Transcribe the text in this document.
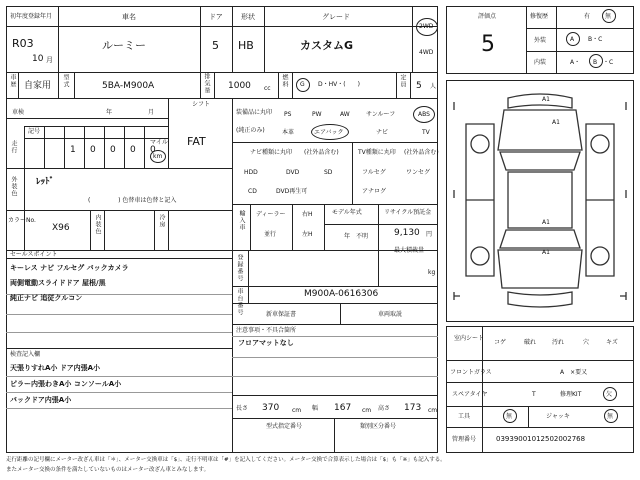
初年度登録年月
R03
10 月
車名
ルーミー
ドア
5
形状
HB
グレード
カスタムG
2WD
4WD
車歴 自家用 型式	5BA-M900A	排気量 1000 cc
燃料 G D・HV・(　　)	定員 5 人
車検	年	月
記号
走行	1 0 0 0 0
マイル
km
シフト
FAT
外装色 ﾚｯﾄﾞ
( 　　　　 ) 色替車は色替と記入
カラーNo.
X96	内装色	冷房
装備品に丸印
(純正のみ)
PS	PW	AW	サンルーフ	ABS
本革	エアバック	ナビ	TV
ナビ種類に丸印 (社外品含む)
HDD	DVD	SD
CD	DVD再生可
TV種類に丸印 (社外品含む)
フルセグ	ワンセグ
アナログ
輸入車 ディーラー
並行
右H
左H
モデル年式
年　不明
リサイクル預託金
9,130 円
最大積載量
kg
セールスポイント
キーレス ナビ フルセグ バックカメラ
両側電動スライドドア 屋根/黒
純正ナビ 追従クルコン
登録番号
車台番号	M900A-0616306
新車保証書	車両取説
注意事項・不具合箇所
フロアマットなし
検査記入欄
天張りすれA小 ドア内張A小
ピラー内張わきA小 コンソールA小
バックドア内張A小
長さ 370 cm 幅 167 cm 高さ 173 cm
型式指定番号	類別区分番号
評価点
5
修復歴	有 無
外装	A B・C
内装	A・ B ・C
A1
A1
A1
A1
室内シート
コゲ	破れ	汚れ	穴	キズ
フロントガラス	A　×要又
スペアタイヤ	T	修理KIT	欠
工具	無	ジャッキ	無
管理番号	0393900101250200​2768
走行距離の記号欄にメーター改ざん車は「＊」、メーター交換車は「$」、走行不明車は「#」を記入してください。メーター交換で合算表示した場合は「$」も「※」も記入する。
またメーター交換の条件を満たしていないものはメーター改ざん車とみなします。
